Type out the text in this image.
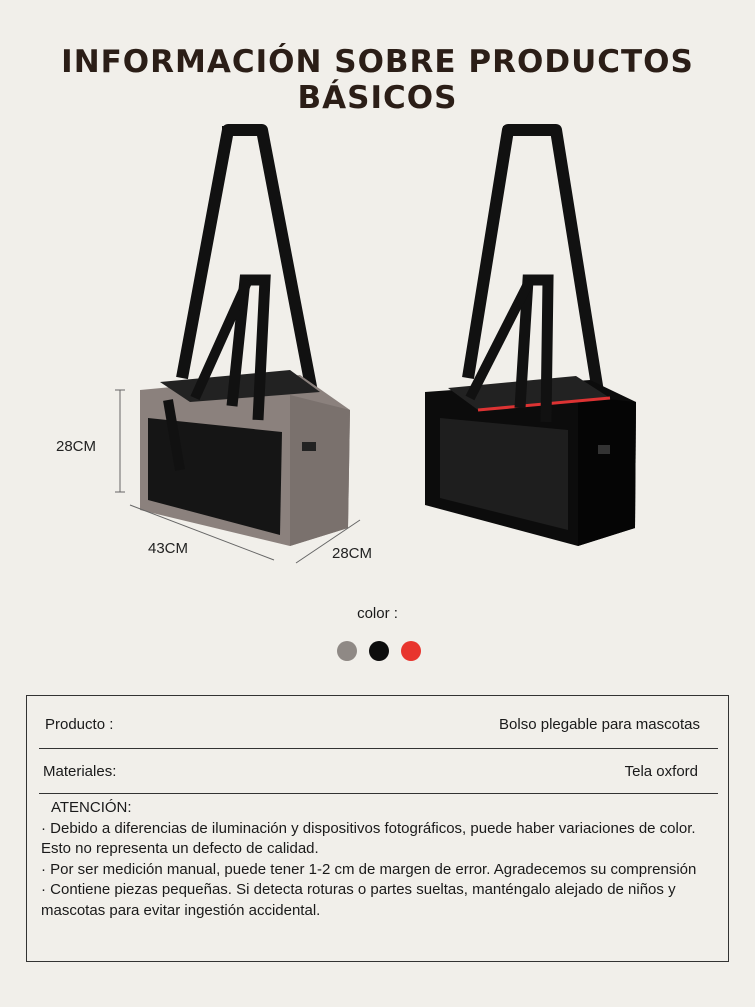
INFORMACIÓN SOBRE PRODUCTOS BÁSICOS
28CM
43CM	28CM
color :
Producto :	Bolso plegable para mascotas
Materiales:	Tela oxford
ATENCIÓN:

· Debido a diferencias de iluminación y dispositivos fotográficos, puede haber variaciones de color. Esto no representa un defecto de calidad.

· Por ser medición manual, puede tener 1-2 cm de margen de error. Agradecemos su comprensión

· Contiene piezas pequeñas. Si detecta roturas o partes sueltas, manténgalo alejado de niños y mascotas para evitar ingestión accidental.
